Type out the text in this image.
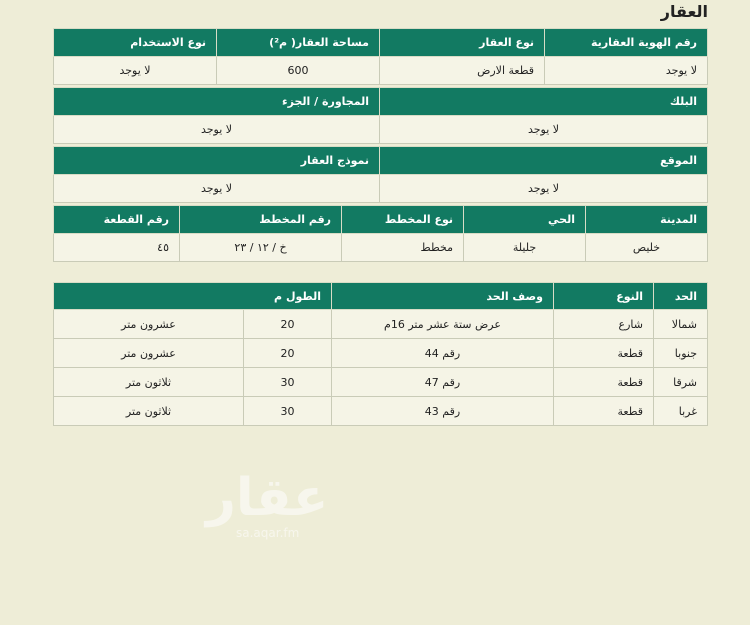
العقار
رقم الهوية العقارية	نوع العقار	مساحة العقار( م²)	نوع الاستخدام
لا يوجد	قطعة الارض	600	لا يوجد
البلك	المجاورة / الجزء
لا يوجد	لا يوجد
الموقع	نموذج العقار
لا يوجد	لا يوجد
المدينة	الحي	نوع المخطط	رقم المخطط	رقم القطعة
خليص	جليلة	مخطط	خ / ١٢ / ٢٣	٤٥
الحد	النوع	وصف الحد	الطول م	
شمالا	شارع	عرض ستة عشر متر 16م	20	عشرون متر
جنوبا	قطعة	رقم 44	20	عشرون متر
شرقا	قطعة	رقم 47	30	ثلاثون متر
غربا	قطعة	رقم 43	30	ثلاثون متر
عقار
sa.aqar.fm
